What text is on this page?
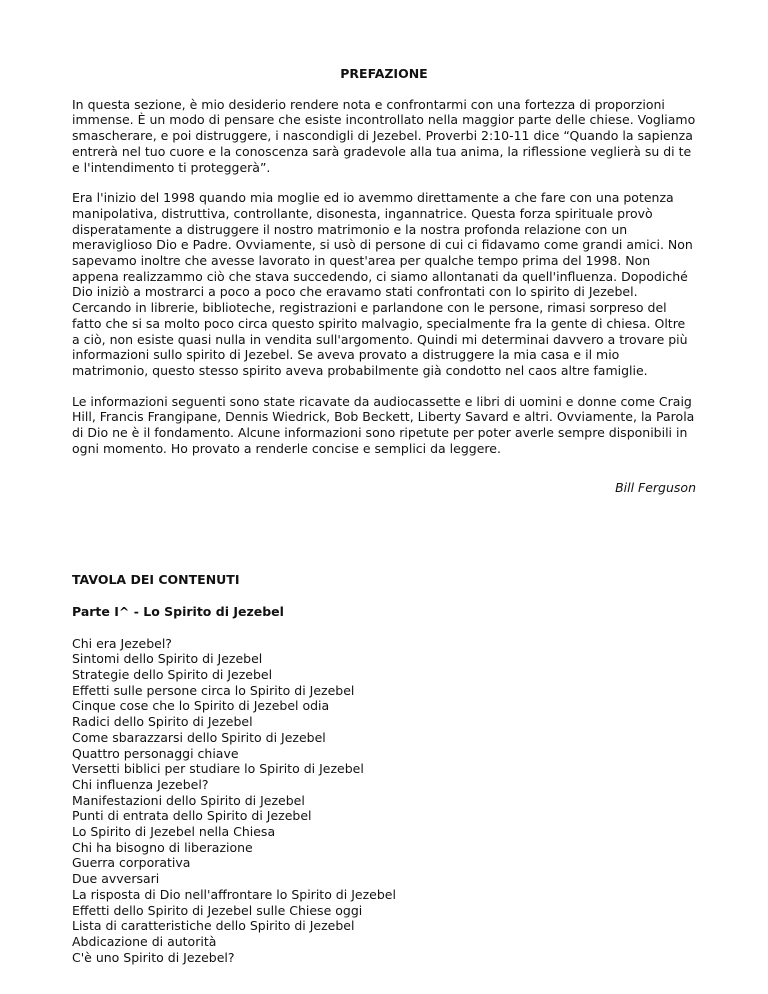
PREFAZIONE

In questa sezione, è mio desiderio rendere nota e confrontarmi con una fortezza di proporzioni immense. È un modo di pensare che esiste incontrollato nella maggior parte delle chiese. Vogliamo smascherare, e poi distruggere, i nascondigli di Jezebel. Proverbi 2:10-11 dice “Quando la sapienza entrerà nel tuo cuore e la conoscenza sarà gradevole alla tua anima, la riflessione veglierà su di te e l'intendimento ti proteggerà”.

Era l'inizio del 1998 quando mia moglie ed io avemmo direttamente a che fare con una potenza manipolativa, distruttiva, controllante, disonesta, ingannatrice. Questa forza spirituale provò disperatamente a distruggere il nostro matrimonio e la nostra profonda relazione con un meraviglioso Dio e Padre. Ovviamente, si usò di persone di cui ci fidavamo come grandi amici. Non sapevamo inoltre che avesse lavorato in quest'area per qualche tempo prima del 1998. Non appena realizzammo ciò che stava succedendo, ci siamo allontanati da quell'influenza. Dopodiché Dio iniziò a mostrarci a poco a poco che eravamo stati confrontati con lo spirito di Jezebel. Cercando in librerie, biblioteche, registrazioni e parlandone con le persone, rimasi sorpreso del fatto che si sa molto poco circa questo spirito malvagio, specialmente fra la gente di chiesa. Oltre a ciò, non esiste quasi nulla in vendita sull'argomento. Quindi mi determinai davvero a trovare più informazioni sullo spirito di Jezebel. Se aveva provato a distruggere la mia casa e il mio matrimonio, questo stesso spirito aveva probabilmente già condotto nel caos altre famiglie.

Le informazioni seguenti sono state ricavate da audiocassette e libri di uomini e donne come Craig Hill, Francis Frangipane, Dennis Wiedrick, Bob Beckett, Liberty Savard e altri. Ovviamente, la Parola di Dio ne è il fondamento. Alcune informazioni sono ripetute per poter averle sempre disponibili in ogni momento. Ho provato a renderle concise e semplici da leggere.

Bill Ferguson
TAVOLA DEI CONTENUTI
Parte I^ - Lo Spirito di Jezebel
Chi era Jezebel?
Sintomi dello Spirito di Jezebel
Strategie dello Spirito di Jezebel
Effetti sulle persone circa lo Spirito di Jezebel
Cinque cose che lo Spirito di Jezebel odia
Radici dello Spirito di Jezebel
Come sbarazzarsi dello Spirito di Jezebel
Quattro personaggi chiave
Versetti biblici per studiare lo Spirito di Jezebel
Chi influenza Jezebel?
Manifestazioni dello Spirito di Jezebel
Punti di entrata dello Spirito di Jezebel
Lo Spirito di Jezebel nella Chiesa
Chi ha bisogno di liberazione
Guerra corporativa
Due avversari
La risposta di Dio nell'affrontare lo Spirito di Jezebel
Effetti dello Spirito di Jezebel sulle Chiese oggi
Lista di caratteristiche dello Spirito di Jezebel
Abdicazione di autorità
C'è uno Spirito di Jezebel?
